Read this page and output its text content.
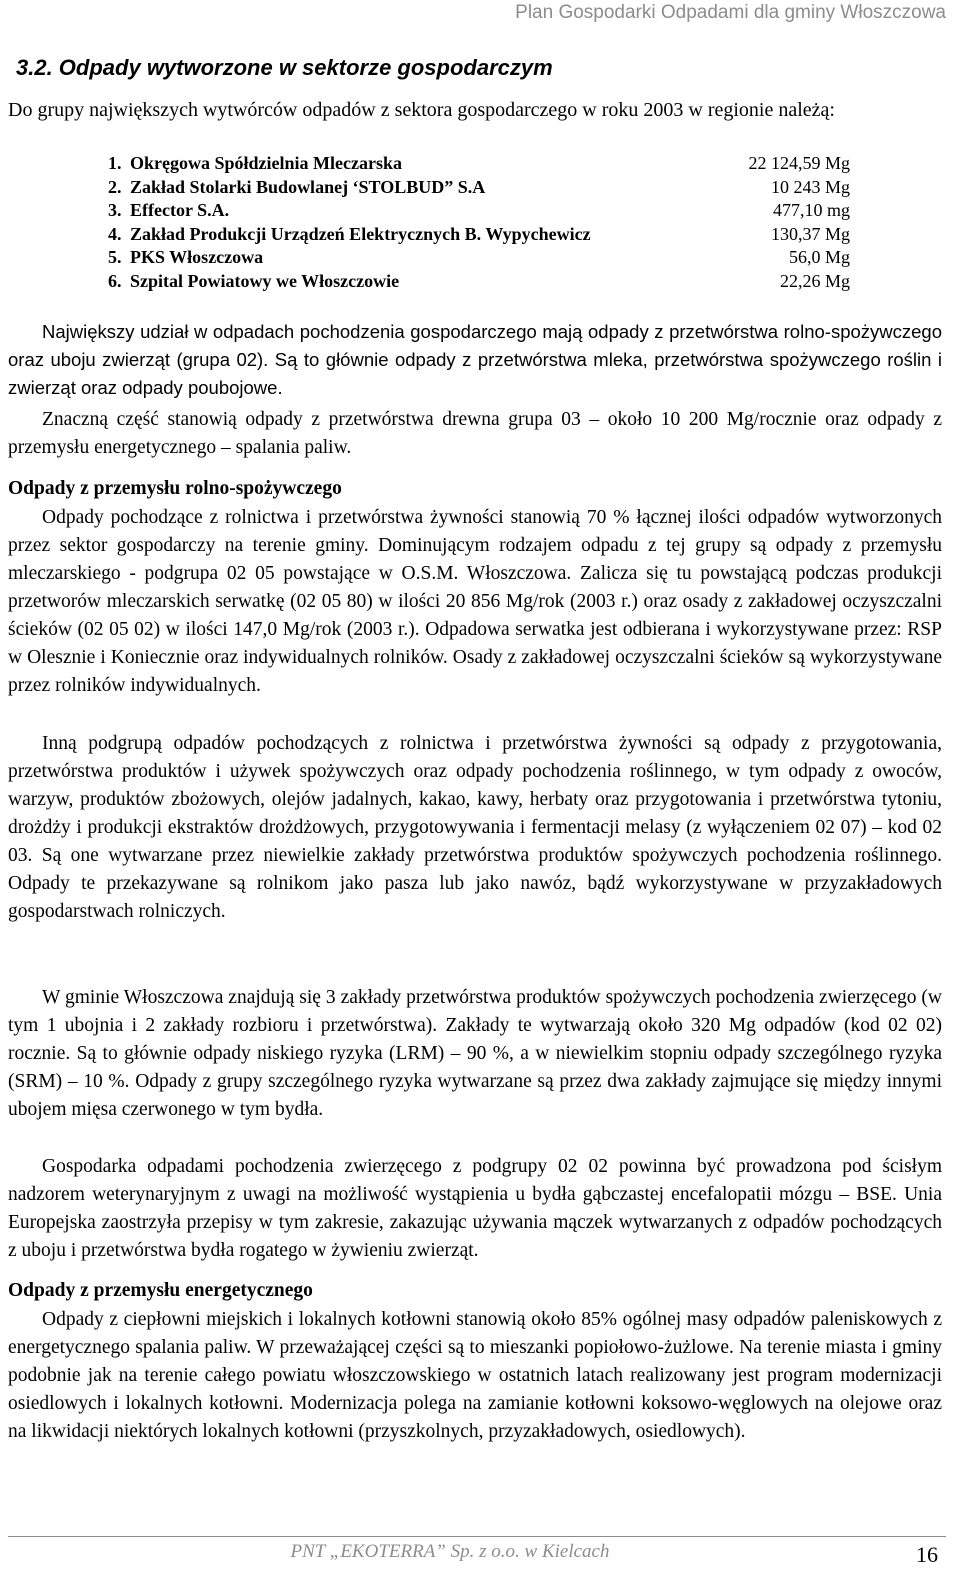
Plan Gospodarki Odpadami dla gminy Włoszczowa
3.2. Odpady wytworzone w sektorze gospodarczym

Do grupy największych wytwórców odpadów z sektora gospodarczego w roku 2003 w regionie należą:

1. Okręgowa Spółdzielnia Mleczarska	22 124,59 Mg
2. Zakład Stolarki Budowlanej ‘STOLBUD” S.A	10 243 Mg
3. Effector S.A.	477,10 mg
4. Zakład Produkcji Urządzeń Elektrycznych B. Wypychewicz	130,37 Mg
5. PKS Włoszczowa	56,0 Mg
6. Szpital Powiatowy we Włoszczowie	22,26 Mg

Największy udział w odpadach pochodzenia gospodarczego mają odpady z przetwórstwa rolno-spożywczego oraz uboju zwierząt (grupa 02). Są to głównie odpady z przetwórstwa mleka, przetwórstwa spożywczego roślin i zwierząt oraz odpady poubojowe.

Znaczną część stanowią odpady z przetwórstwa drewna grupa 03 – około 10 200 Mg/rocznie oraz odpady z przemysłu energetycznego – spalania paliw.

Odpady z przemysłu rolno-spożywczego

Odpady pochodzące z rolnictwa i przetwórstwa żywności stanowią 70 % łącznej ilości odpadów wytworzonych przez sektor gospodarczy na terenie gminy. Dominującym rodzajem odpadu z tej grupy są odpady z przemysłu mleczarskiego - podgrupa 02 05 powstające w O.S.M. Włoszczowa. Zalicza się tu powstającą podczas produkcji przetworów mleczarskich serwatkę (02 05 80) w ilości 20 856 Mg/rok (2003 r.) oraz osady z zakładowej oczyszczalni ścieków (02 05 02) w ilości 147,0 Mg/rok (2003 r.). Odpadowa serwatka jest odbierana i wykorzystywane przez: RSP w Olesznie i Koniecznie oraz indywidualnych rolników. Osady z zakładowej oczyszczalni ścieków są wykorzystywane przez rolników indywidualnych.

Inną podgrupą odpadów pochodzących z rolnictwa i przetwórstwa żywności są odpady z przygotowania, przetwórstwa produktów i używek spożywczych oraz odpady pochodzenia roślinnego, w tym odpady z owoców, warzyw, produktów zbożowych, olejów jadalnych, kakao, kawy, herbaty oraz przygotowania i przetwórstwa tytoniu, drożdży i produkcji ekstraktów drożdżowych, przygotowywania i fermentacji melasy (z wyłączeniem 02 07) – kod 02 03. Są one wytwarzane przez niewielkie zakłady przetwórstwa produktów spożywczych pochodzenia roślinnego. Odpady te przekazywane są rolnikom jako pasza lub jako nawóz, bądź wykorzystywane w przyzakładowych gospodarstwach rolniczych.

W gminie Włoszczowa znajdują się 3 zakłady przetwórstwa produktów spożywczych pochodzenia zwierzęcego (w tym 1 ubojnia i 2 zakłady rozbioru i przetwórstwa). Zakłady te wytwarzają około 320 Mg odpadów (kod 02 02) rocznie. Są to głównie odpady niskiego ryzyka (LRM) – 90 %, a w niewielkim stopniu odpady szczególnego ryzyka (SRM) – 10 %. Odpady z grupy szczególnego ryzyka wytwarzane są przez dwa zakłady zajmujące się między innymi ubojem mięsa czerwonego w tym bydła.

Gospodarka odpadami pochodzenia zwierzęcego z podgrupy 02 02 powinna być prowadzona pod ścisłym nadzorem weterynaryjnym z uwagi na możliwość wystąpienia u bydła gąbczastej encefalopatii mózgu – BSE. Unia Europejska zaostrzyła przepisy w tym zakresie, zakazując używania mączek wytwarzanych z odpadów pochodzących z uboju i przetwórstwa bydła rogatego w żywieniu zwierząt.

Odpady z przemysłu energetycznego

Odpady z ciepłowni miejskich i lokalnych kotłowni stanowią około 85% ogólnej masy odpadów paleniskowych z energetycznego spalania paliw. W przeważającej części są to mieszanki popiołowo-żużlowe. Na terenie miasta i gminy podobnie jak na terenie całego powiatu włoszczowskiego w ostatnich latach realizowany jest program modernizacji osiedlowych i lokalnych kotłowni. Modernizacja polega na zamianie kotłowni koksowo-węglowych na olejowe oraz na likwidacji niektórych lokalnych kotłowni (przyszkolnych, przyzakładowych, osiedlowych).

PNT „EKOTERRA” Sp. z o.o. w Kielcach	16
